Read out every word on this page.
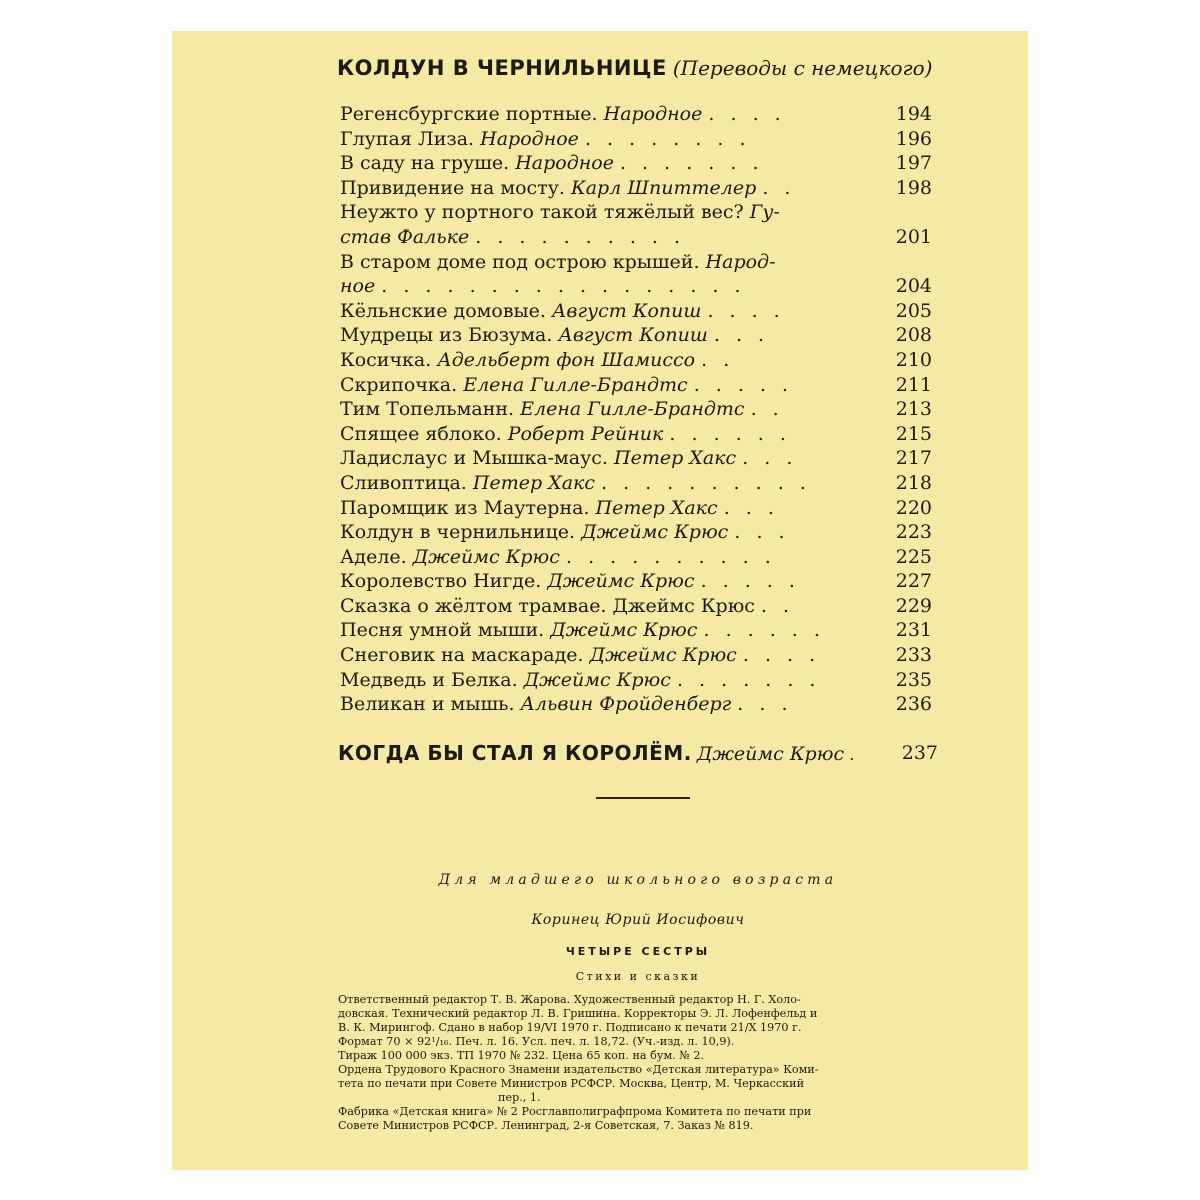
КОЛДУН В ЧЕРНИЛЬНИЦЕ (Переводы с немецкого)
Регенсбургские портные. Народное . . . .	194
Глупая Лиза. Народное . . . . . . . .	196
В саду на груше. Народное . . . . . . .	197
Привидение на мосту. Карл Шпиттелер . .	198
Неужто у портного такой тяжёлый вес? Гу-
став Фальке . . . . . . . . . .	201
В старом доме под острою крышей. Народ-
ное . . . . . . . . . . . . . . . . .	204
Кёльнские домовые. Август Копиш . . . .	205
Мудрецы из Бюзума. Август Копиш . . .	208
Косичка. Адельберт фон Шамиссо . .	210
Скрипочка. Елена Гилле-Брандтс . . . . .	211
Тим Топельманн. Елена Гилле-Брандтс . .	213
Спящее яблоко. Роберт Рейник . . . . . .	215
Ладислаус и Мышка-маус. Петер Хакс . . .	217
Сливоптица. Петер Хакс . . . . . . . . . .	218
Паромщик из Маутерна. Петер Хакс . . .	220
Колдун в чернильнице. Джеймс Крюс . . .	223
Аделе. Джеймс Крюс . . . . . . . . . .	225
Королевство Нигде. Джеймс Крюс . . . . .	227
Сказка о жёлтом трамвае. Джеймс Крюс . .	229
Песня умной мыши. Джеймс Крюс . . . . . .	231
Снеговик на маскараде. Джеймс Крюс . . . .	233
Медведь и Белка. Джеймс Крюс . . . . . . .	235
Великан и мышь. Альвин Фройденберг . . .	236
КОГДА БЫ СТАЛ Я КОРОЛЁМ. Джеймс Крюс .	237
Для младшего школьного возраста
Коринец Юрий Иосифович
ЧЕТЫРЕ СЕСТРЫ
Стихи и сказки
Ответственный редактор Т. В. Жарова. Художественный редактор Н. Г. Холо-
довская. Технический редактор Л. В. Гришина. Корректоры Э. Л. Лофенфельд и
В. К. Мирингоф. Сдано в набор 19/VI 1970 г. Подписано к печати 21/Х 1970 г.
Формат 70 × 92¹/₁₆. Печ. л. 16. Усл. печ. л. 18,72. (Уч.-изд. л. 10,9).
Тираж 100 000 экз. ТП 1970 № 232. Цена 65 коп. на бум. № 2.
Ордена Трудового Красного Знамени издательство «Детская литература» Коми-
тета по печати при Совете Министров РСФСР. Москва, Центр, М. Черкасский
пер., 1.
Фабрика «Детская книга» № 2 Росглавполиграфпрома Комитета по печати при
Совете Министров РСФСР. Ленинград, 2-я Советская, 7. Заказ № 819.
